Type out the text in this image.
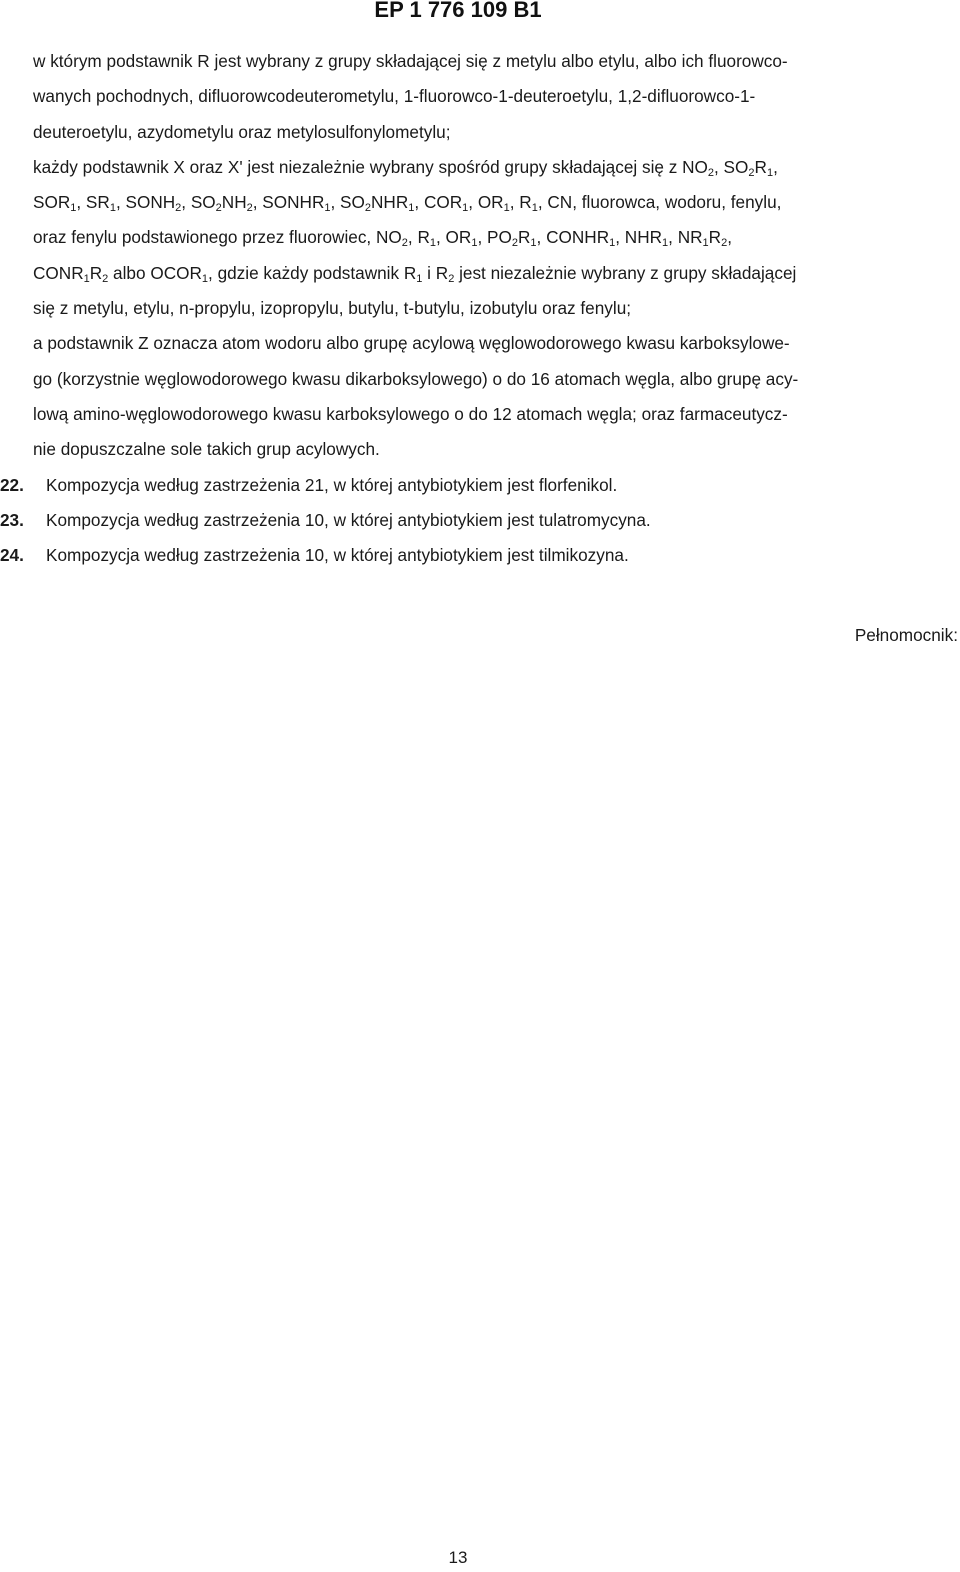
EP 1 776 109 B1
w którym podstawnik R jest wybrany z grupy składającej się z metylu albo etylu, albo ich fluorowco-
wanych pochodnych, difluorowcodeuterometylu, 1-fluorowco-1-deuteroetylu, 1,2-difluorowco-1-
deuteroetylu, azydometylu oraz metylosulfonylometylu;
każdy podstawnik X oraz X' jest niezależnie wybrany spośród grupy składającej się z $NO_2$, $SO_2R_1$,
$SOR_1$, $SR_1$, $SONH_2$, $SO_2NH_2$, $SONHR_1$, $SO_2NHR_1$, $COR_1$, $OR_1$, $R_1$, CN, fluorowca, wodoru, fenylu,
oraz fenylu podstawionego przez fluorowiec, $NO_2$, $R_1$, $OR_1$, $PO_2R_1$, $CONHR_1$, $NHR_1$, $NR_1R_2$,
$CONR_1R_2$ albo $OCOR_1$, gdzie każdy podstawnik $R_1$ i $R_2$ jest niezależnie wybrany z grupy składającej
się z metylu, etylu, n-propylu, izopropylu, butylu, t-butylu, izobutylu oraz fenylu;
a podstawnik Z oznacza atom wodoru albo grupę acylową węglowodorowego kwasu karboksylowe-
go (korzystnie węglowodorowego kwasu dikarboksylowego) o do 16 atomach węgla, albo grupę acy-
lową amino-węglowodorowego kwasu karboksylowego o do 12 atomach węgla; oraz farmaceutycz-
nie dopuszczalne sole takich grup acylowych.
22. Kompozycja według zastrzeżenia 21, w której antybiotykiem jest florfenikol.
23. Kompozycja według zastrzeżenia 10, w której antybiotykiem jest tulatromycyna.
24. Kompozycja według zastrzeżenia 10, w której antybiotykiem jest tilmikozyna.
Pełnomocnik:
13
